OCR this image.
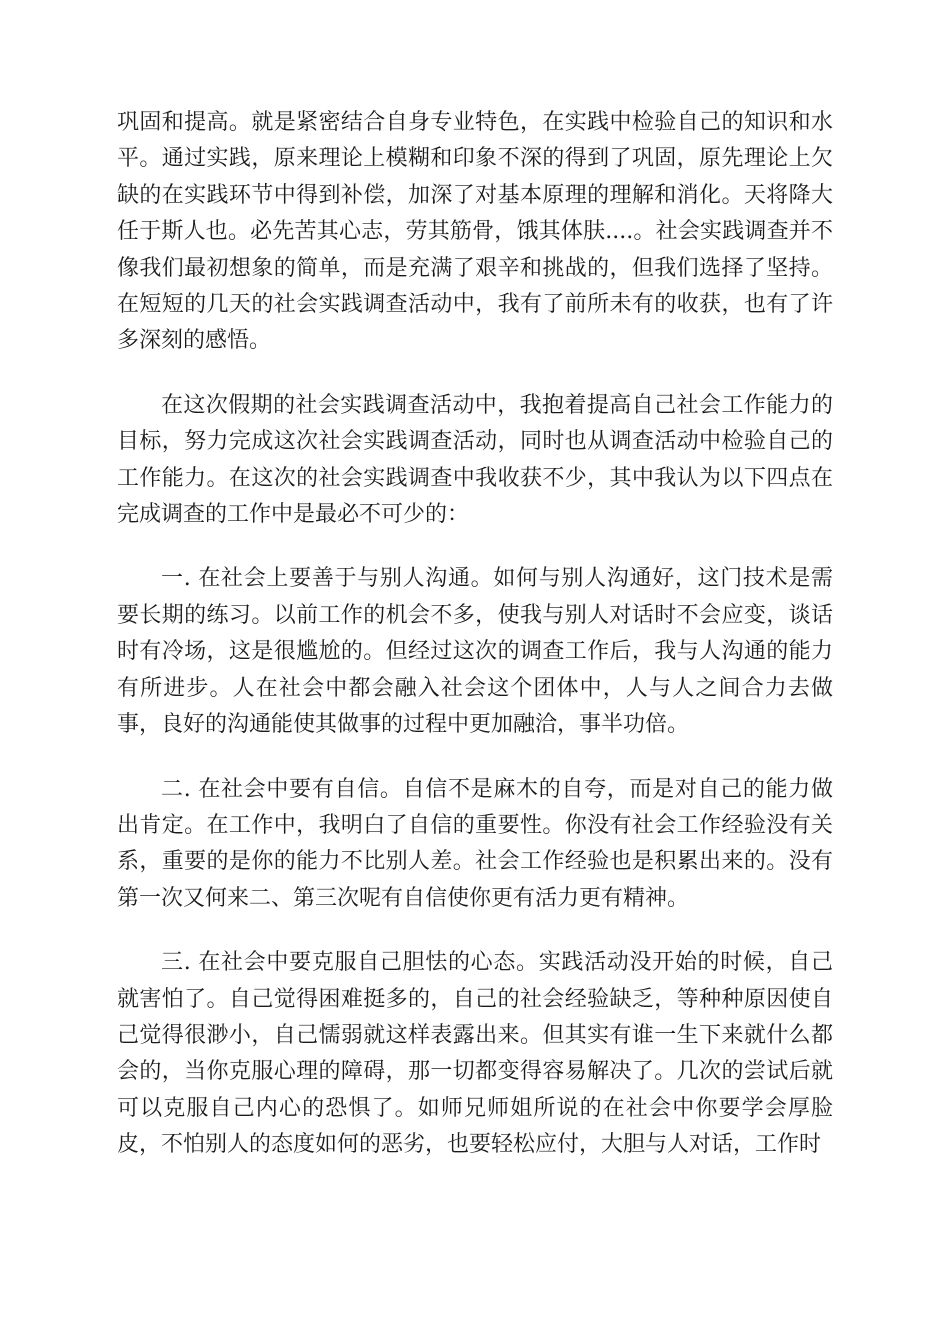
巩固和提高。就是紧密结合自身专业特色，在实践中检验自己的知识和水平。通过实践，原来理论上模糊和印象不深的得到了巩固，原先理论上欠缺的在实践环节中得到补偿，加深了对基本原理的理解和消化。天将降大任于斯人也。必先苦其心志，劳其筋骨，饿其体肤....。社会实践调查并不像我们最初想象的简单，而是充满了艰辛和挑战的，但我们选择了坚持。在短短的几天的社会实践调查活动中，我有了前所未有的收获，也有了许多深刻的感悟。

在这次假期的社会实践调查活动中，我抱着提高自己社会工作能力的目标，努力完成这次社会实践调查活动，同时也从调查活动中检验自己的工作能力。在这次的社会实践调查中我收获不少，其中我认为以下四点在完成调查的工作中是最必不可少的：

一. 在社会上要善于与别人沟通。如何与别人沟通好，这门技术是需要长期的练习。以前工作的机会不多，使我与别人对话时不会应变，谈话时有冷场，这是很尴尬的。但经过这次的调查工作后，我与人沟通的能力有所进步。人在社会中都会融入社会这个团体中，人与人之间合力去做事，良好的沟通能使其做事的过程中更加融洽，事半功倍。

二. 在社会中要有自信。自信不是麻木的自夸，而是对自己的能力做出肯定。在工作中，我明白了自信的重要性。你没有社会工作经验没有关系，重要的是你的能力不比别人差。社会工作经验也是积累出来的。没有第一次又何来二、第三次呢有自信使你更有活力更有精神。

三. 在社会中要克服自己胆怯的心态。实践活动没开始的时候，自己就害怕了。自己觉得困难挺多的，自己的社会经验缺乏，等种种原因使自己觉得很渺小，自己懦弱就这样表露出来。但其实有谁一生下来就什么都会的，当你克服心理的障碍，那一切都变得容易解决了。几次的尝试后就可以克服自己内心的恐惧了。如师兄师姐所说的在社会中你要学会厚脸皮，不怕别人的态度如何的恶劣，也要轻松应付，大胆与人对话，工作时
